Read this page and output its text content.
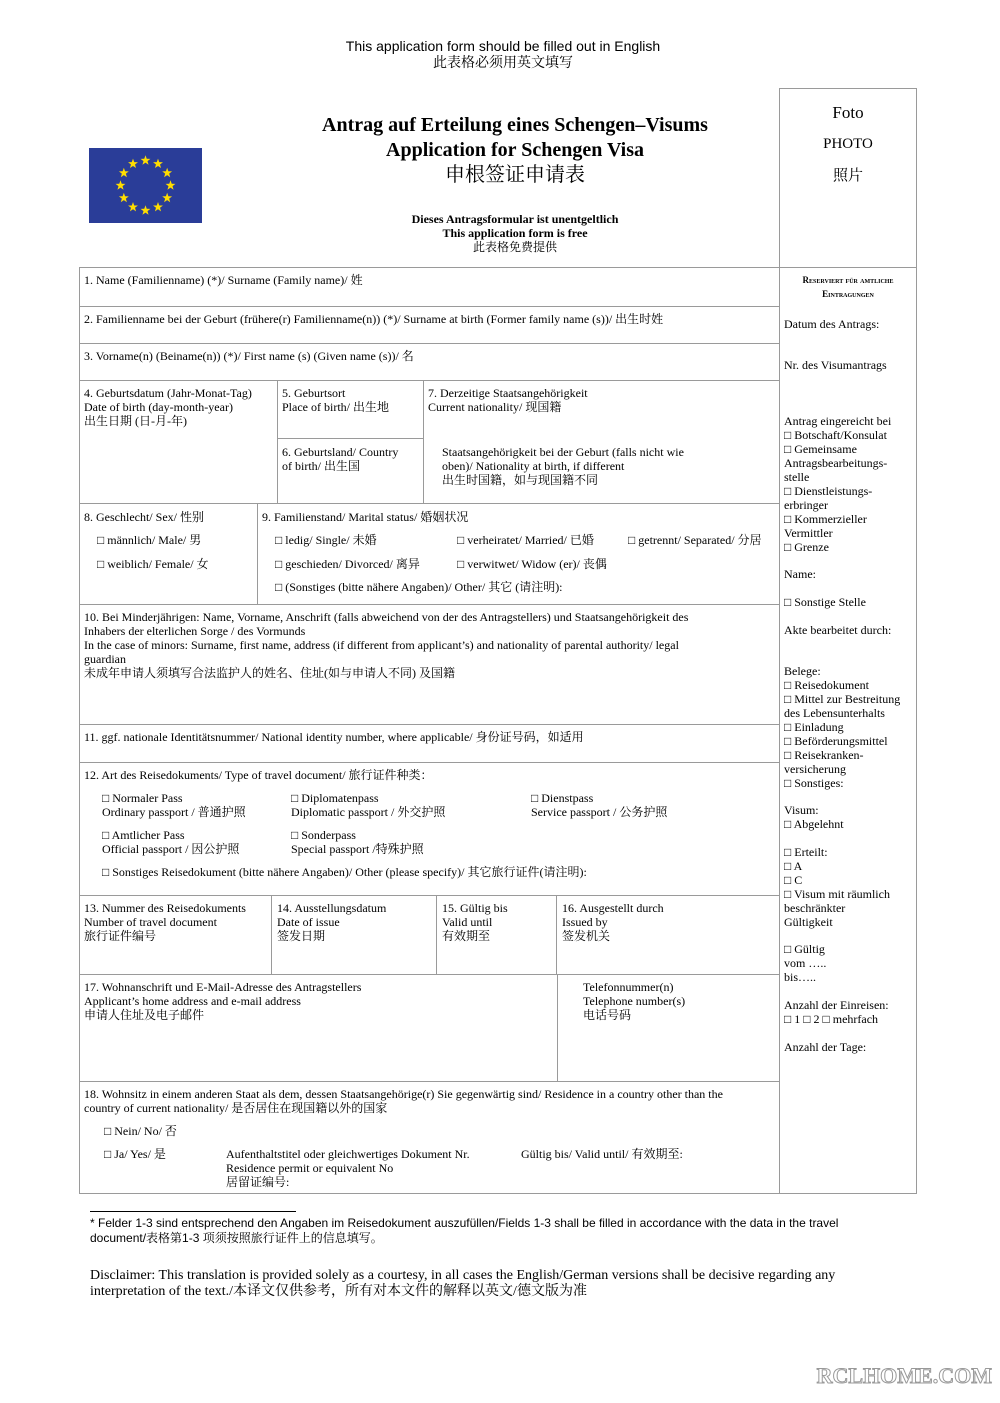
This application form should be filled out in English
此表格必须用英文填写
Antrag auf Erteilung eines Schengen–Visums
Application for Schengen Visa
申根签证申请表
Dieses Antragsformular ist unentgeltlich
This application form is free
此表格免费提供
Foto
PHOTO
照片
1. Name (Familienname) (*)/ Surname (Family name)/ 姓
2. Familienname bei der Geburt (frühere(r) Familienname(n)) (*)/ Surname at birth (Former family name (s))/ 出生时姓
3. Vorname(n) (Beiname(n)) (*)/ First name (s) (Given name (s))/ 名
4. Geburtsdatum (Jahr-Monat-Tag)
Date of birth (day-month-year)
出生日期 (日-月-年)
5. Geburtsort
Place of birth/ 出生地
6. Geburtsland/ Country
of birth/ 出生国
7. Derzeitige Staatsangehörigkeit
Current nationality/ 现国籍
Staatsangehörigkeit bei der Geburt (falls nicht wie
oben)/ Nationality at birth, if different
出生时国籍，如与现国籍不同
8. Geschlecht/ Sex/ 性别
□ männlich/ Male/ 男
□ weiblich/ Female/ 女
9. Familienstand/ Marital status/ 婚姻状况
□ ledig/ Single/ 未婚	□ verheiratet/ Married/ 已婚	□ getrennt/ Separated/ 分居
□ geschieden/ Divorced/ 离异	□ verwitwet/ Widow (er)/ 丧偶
□ (Sonstiges (bitte nähere Angaben)/ Other/ 其它 (请注明):
10. Bei Minderjährigen: Name, Vorname, Anschrift (falls abweichend von der des Antragstellers) und Staatsangehörigkeit des
Inhabers der elterlichen Sorge / des Vormunds
In the case of minors: Surname, first name, address (if different from applicant’s) and nationality of parental authority/ legal
guardian
未成年申请人须填写合法监护人的姓名、住址(如与申请人不同) 及国籍
11. ggf. nationale Identitätsnummer/ National identity number, where applicable/ 身份证号码，如适用
12. Art des Reisedokuments/ Type of travel document/ 旅行证件种类：
□ Normaler Pass
Ordinary passport / 普通护照
□ Diplomatenpass
Diplomatic passport / 外交护照
□ Dienstpass
Service passport / 公务护照
□ Amtlicher Pass
Official passport / 因公护照
□ Sonderpass
Special passport /特殊护照
□ Sonstiges Reisedokument (bitte nähere Angaben)/ Other (please specify)/ 其它旅行证件(请注明):
13. Nummer des Reisedokuments
Number of travel document
旅行证件编号
14. Ausstellungsdatum
Date of issue
签发日期
15. Gültig bis
Valid until
有效期至
16. Ausgestellt durch
Issued by
签发机关
17. Wohnanschrift und E-Mail-Adresse des Antragstellers
Applicant’s home address and e-mail address
申请人住址及电子邮件
Telefonnummer(n)
Telephone number(s)
电话号码
18. Wohnsitz in einem anderen Staat als dem, dessen Staatsangehörige(r) Sie gegenwärtig sind/ Residence in a country other than the
country of current nationality/ 是否居住在现国籍以外的国家
□ Nein/ No/ 否
□ Ja/ Yes/ 是	Aufenthaltstitel oder gleichwertiges Dokument Nr.
Residence permit or equivalent No
居留证编号:
Gültig bis/ Valid until/ 有效期至:
Reserviert für amtliche
Eintragungen
Datum des Antrags:
Nr. des Visumantrags
Antrag eingereicht bei
□ Botschaft/Konsulat
□ Gemeinsame
Antragsbearbeitungs-
stelle
□ Dienstleistungs-
erbringer
□ Kommerzieller
Vermittler
□ Grenze
Name:
□ Sonstige Stelle
Akte bearbeitet durch:
Belege:
□ Reisedokument
□ Mittel zur Bestreitung
des Lebensunterhalts
□ Einladung
□ Beförderungsmittel
□ Reisekranken-
versicherung
□ Sonstiges:
Visum:
□ Abgelehnt
□ Erteilt:
□ A
□ C
□ Visum mit räumlich
beschränkter
Gültigkeit
□ Gültig
vom …..
bis…..
Anzahl der Einreisen:
□ 1 □ 2 □ mehrfach
Anzahl der Tage:
* Felder 1-3 sind entsprechend den Angaben im Reisedokument auszufüllen/Fields 1-3 shall be filled in accordance with the data in the travel
document/表格第1-3 项须按照旅行证件上的信息填写。
Disclaimer: This translation is provided solely as a courtesy, in all cases the English/German versions shall be decisive regarding any
interpretation of the text./本译文仅供参考，所有对本文件的解释以英文/德文版为准
RCLHOME.COM
